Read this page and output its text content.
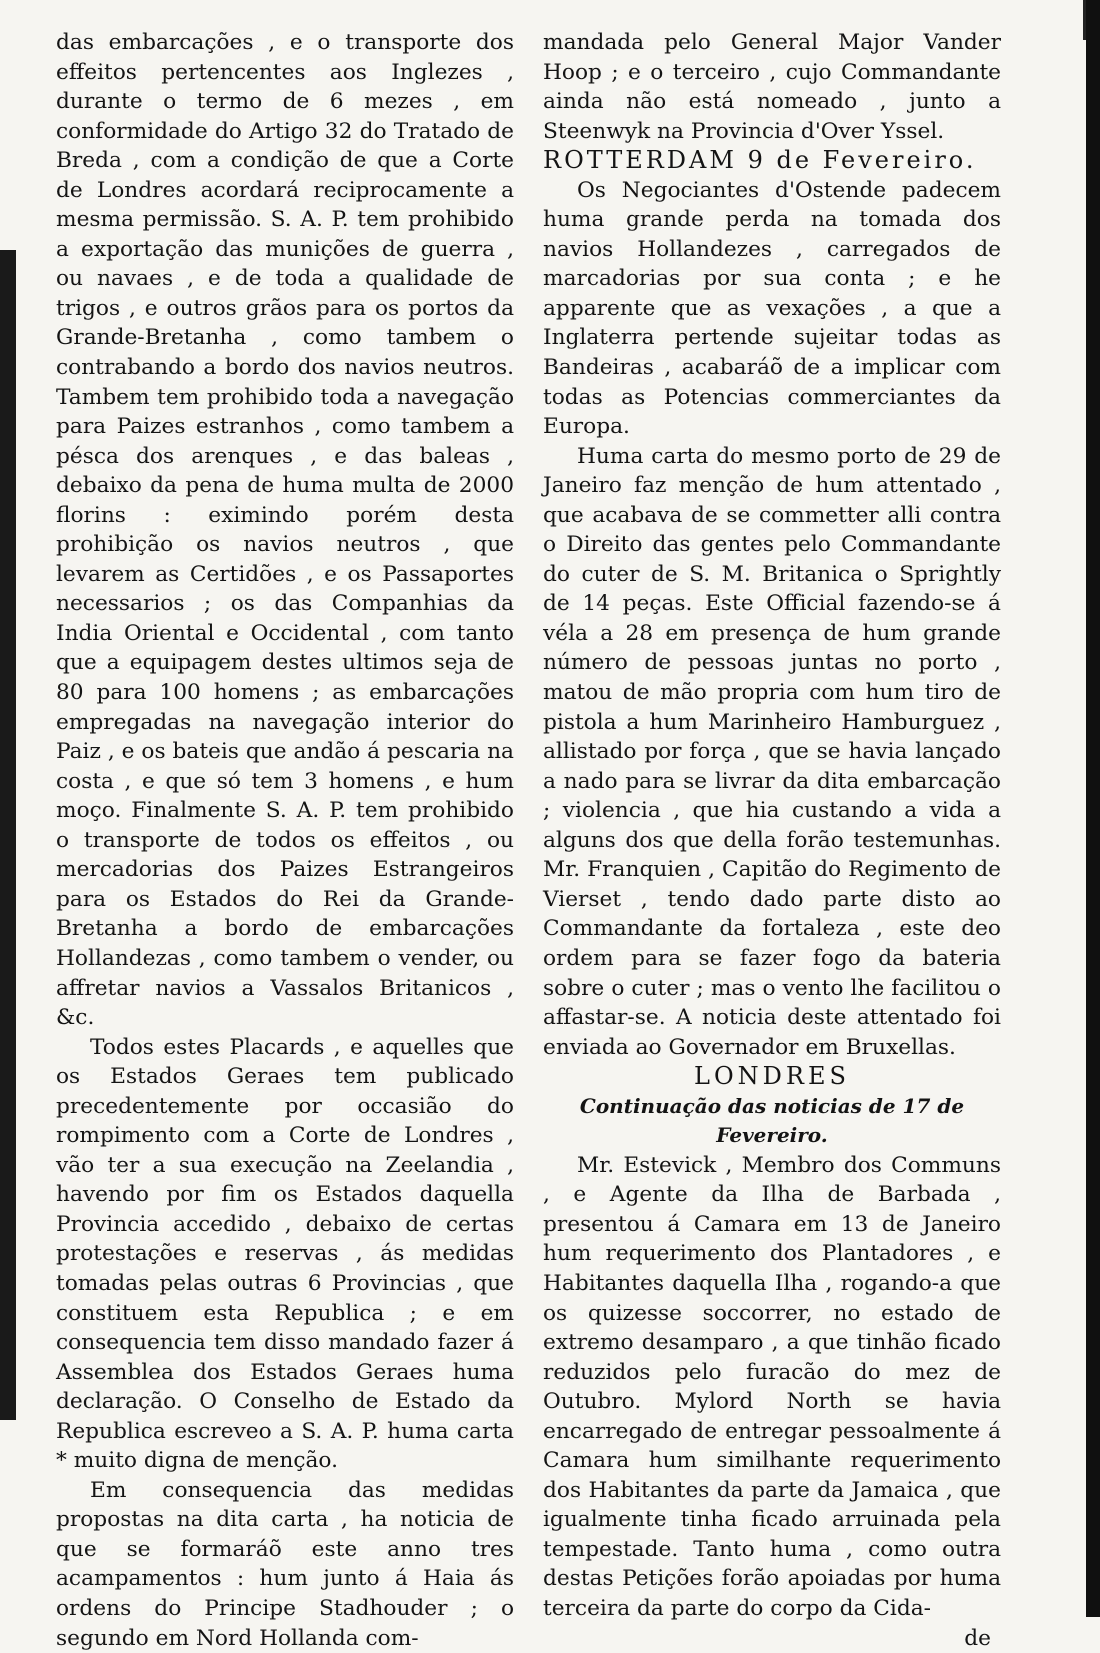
das embarcações , e o transporte dos effeitos pertencentes aos Inglezes , durante o termo de 6 mezes , em conformidade do Artigo 32 do Tratado de Breda , com a condição de que a Corte de Londres acordará reciprocamente a mesma permissão. S. A. P. tem prohibido a exportação das munições de guerra , ou navaes , e de toda a qualidade de trigos , e outros grãos para os portos da Grande-Bretanha , como tambem o contrabando a bordo dos navios neutros. Tambem tem prohibido toda a navegação para Paizes estranhos , como tambem a pésca dos arenques , e das baleas , debaixo da pena de huma multa de 2000 florins : eximindo porém desta prohibição os navios neutros , que levarem as Certidões , e os Passaportes necessarios ; os das Companhias da India Oriental e Occidental , com tanto que a equipagem destes ultimos seja de 80 para 100 homens ; as embarcações empregadas na navegação interior do Paiz , e os bateis que andão á pescaria na costa , e que só tem 3 homens , e hum moço. Finalmente S. A. P. tem prohibido o transporte de todos os effeitos , ou mercadorias dos Paizes Estrangeiros para os Estados do Rei da Grande-Bretanha a bordo de embarcações Hollandezas , como tambem o vender, ou affretar navios a Vassalos Britanicos , &c.

Todos estes Placards , e aquelles que os Estados Geraes tem publicado precedentemente por occasião do rompimento com a Corte de Londres , vão ter a sua execução na Zeelandia , havendo por fim os Estados daquella Provincia accedido , debaixo de certas protestações e reservas , ás medidas tomadas pelas outras 6 Provincias , que constituem esta Republica ; e em consequencia tem disso mandado fazer á Assemblea dos Estados Geraes huma declaração. O Conselho de Estado da Republica escreveo a S. A. P. huma carta * muito digna de menção.

Em consequencia das medidas propostas na dita carta , ha noticia de que se formaráõ este anno tres acampamentos : hum junto á Haia ás ordens do Principe Stadhouder ; o segundo em Nord Hollanda com-

mandada pelo General Major Vander Hoop ; e o terceiro , cujo Commandante ainda não está nomeado , junto a Steenwyk na Provincia d'Over Yssel.

ROTTERDAM 9 de Fevereiro.

Os Negociantes d'Ostende padecem huma grande perda na tomada dos navios Hollandezes , carregados de marcadorias por sua conta ; e he apparente que as vexações , a que a Inglaterra pertende sujeitar todas as Bandeiras , acabaráõ de a implicar com todas as Potencias commerciantes da Europa.

Huma carta do mesmo porto de 29 de Janeiro faz menção de hum attentado , que acabava de se commetter alli contra o Direito das gentes pelo Commandante do cuter de S. M. Britanica o Sprightly de 14 peças. Este Official fazendo-se á véla a 28 em presença de hum grande número de pessoas juntas no porto , matou de mão propria com hum tiro de pistola a hum Marinheiro Hamburguez , allistado por força , que se havia lançado a nado para se livrar da dita embarcação ; violencia , que hia custando a vida a alguns dos que della forão testemunhas. Mr. Franquien , Capitão do Regimento de Vierset , tendo dado parte disto ao Commandante da fortaleza , este deo ordem para se fazer fogo da bateria sobre o cuter ; mas o vento lhe facilitou o affastar-se. A noticia deste attentado foi enviada ao Governador em Bruxellas.

LONDRES

Continuação das noticias de 17 de Fevereiro.

Mr. Estevick , Membro dos Communs , e Agente da Ilha de Barbada , presentou á Camara em 13 de Janeiro hum requerimento dos Plantadores , e Habitantes daquella Ilha , rogando-a que os quizesse soccorrer, no estado de extremo desamparo , a que tinhão ficado reduzidos pelo furacão do mez de Outubro. Mylord North se havia encarregado de entregar pessoalmente á Camara hum similhante requerimento dos Habitantes da parte da Jamaica , que igualmente tinha ficado arruinada pela tempestade. Tanto huma , como outra destas Petições forão apoiadas por huma terceira da parte do corpo da Cida-

de
